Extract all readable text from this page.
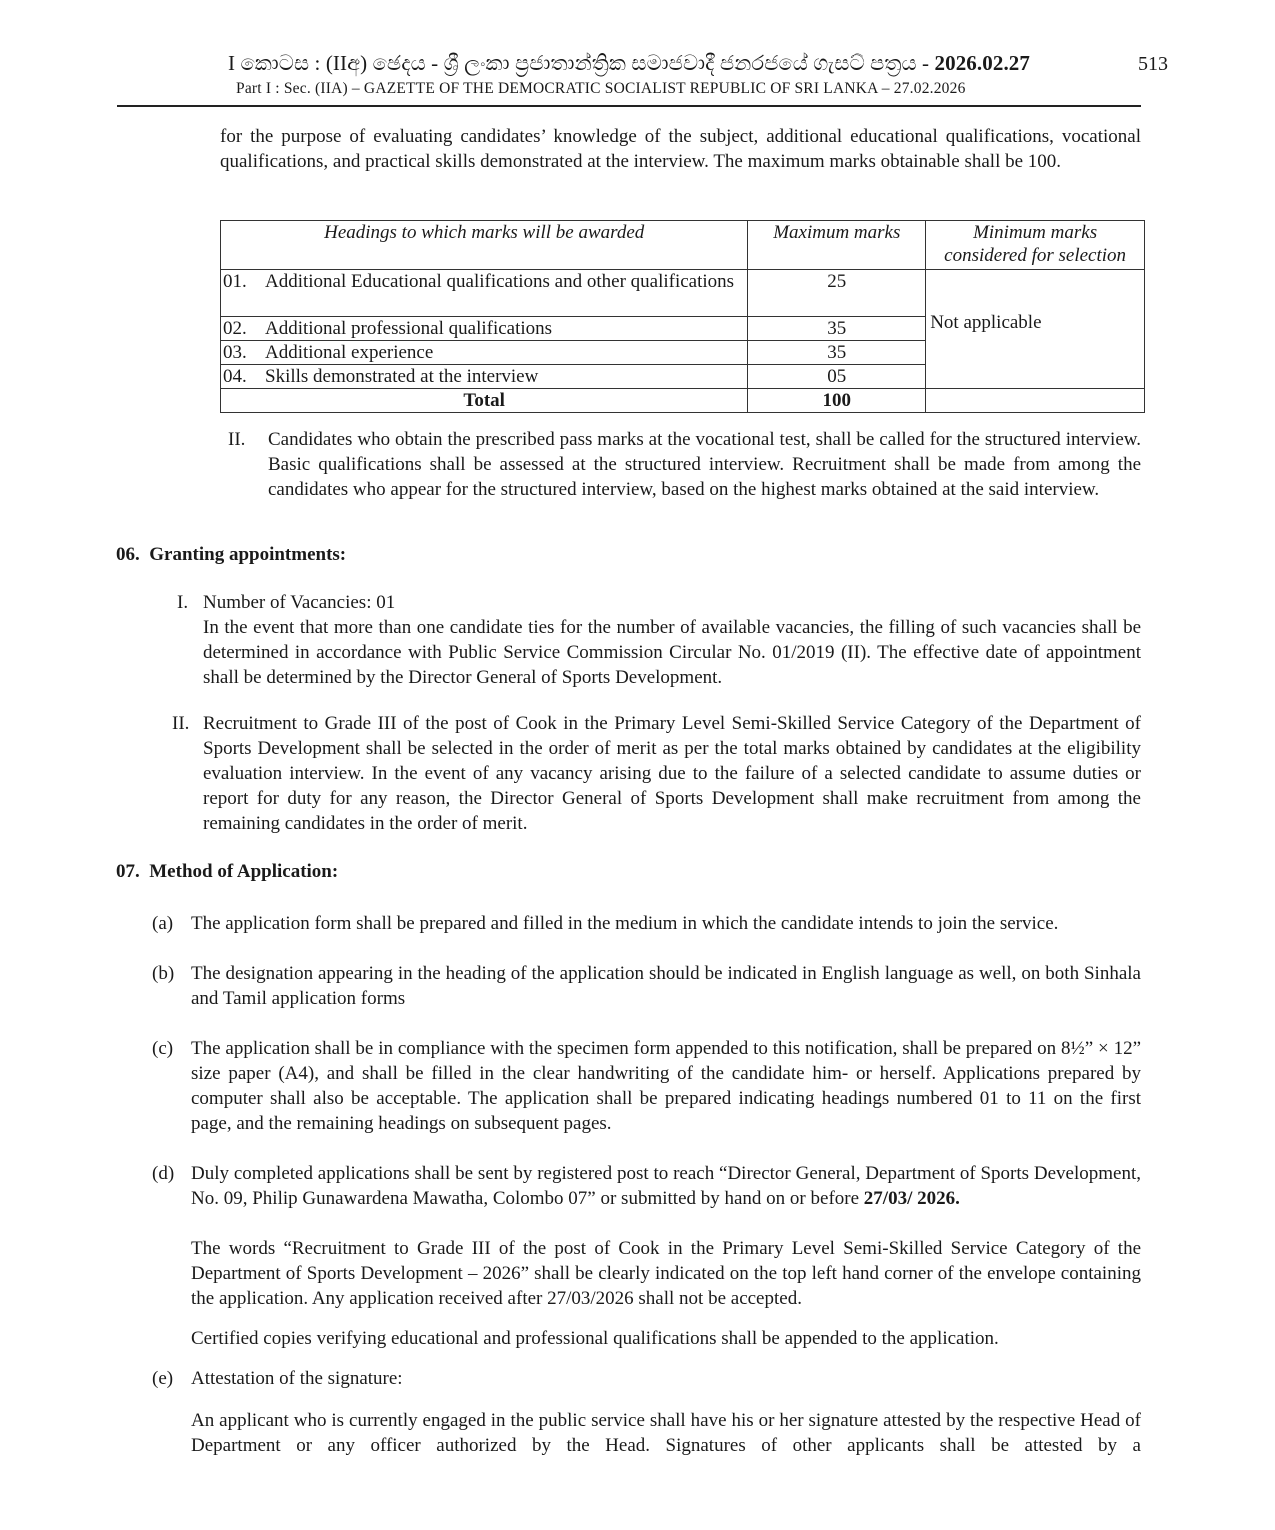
I කොටස : (IIඅ) ඡෙදය - ශ්‍රී ලංකා ප්‍රජාතාන්ත්‍රික සමාජවාදී ජනරජයේ ගැසට් පත්‍රය - 2026.02.27
Part I : Sec. (IIA) – GAZETTE OF THE DEMOCRATIC SOCIALIST REPUBLIC OF SRI LANKA – 27.02.2026
513
for the purpose of evaluating candidates’ knowledge of the subject, additional educational qualifications, vocational qualifications, and practical skills demonstrated at the interview. The maximum marks obtainable shall be 100.
Headings to which marks will be awarded	Maximum marks	Minimum marks considered for selection

01. Additional Educational qualifications and other qualifications	25	Not applicable

02. Additional professional qualifications	35	

03. Additional experience	35	

04. Skills demonstrated at the interview	05	
Total	100	
II. Candidates who obtain the prescribed pass marks at the vocational test, shall be called for the structured interview. Basic qualifications shall be assessed at the structured interview. Recruitment shall be made from among the candidates who appear for the structured interview, based on the highest marks obtained at the said interview.
06. Granting appointments:
I. Number of Vacancies: 01
In the event that more than one candidate ties for the number of available vacancies, the filling of such vacancies shall be determined in accordance with Public Service Commission Circular No. 01/2019 (II). The effective date of appointment shall be determined by the Director General of Sports Development.
II. Recruitment to Grade III of the post of Cook in the Primary Level Semi-Skilled Service Category of the Department of Sports Development shall be selected in the order of merit as per the total marks obtained by candidates at the eligibility evaluation interview. In the event of any vacancy arising due to the failure of a selected candidate to assume duties or report for duty for any reason, the Director General of Sports Development shall make recruitment from among the remaining candidates in the order of merit.
07. Method of Application:
(a) The application form shall be prepared and filled in the medium in which the candidate intends to join the service.
(b) The designation appearing in the heading of the application should be indicated in English language as well, on both Sinhala and Tamil application forms
(c) The application shall be in compliance with the specimen form appended to this notification, shall be prepared on 8½” × 12” size paper (A4), and shall be filled in the clear handwriting of the candidate him- or herself. Applications prepared by computer shall also be acceptable. The application shall be prepared indicating headings numbered 01 to 11 on the first page, and the remaining headings on subsequent pages.
(d) Duly completed applications shall be sent by registered post to reach “Director General, Department of Sports Development, No. 09, Philip Gunawardena Mawatha, Colombo 07” or submitted by hand on or before 27/03/ 2026.
The words “Recruitment to Grade III of the post of Cook in the Primary Level Semi-Skilled Service Category of the Department of Sports Development – 2026” shall be clearly indicated on the top left hand corner of the envelope containing the application. Any application received after 27/03/2026 shall not be accepted.
Certified copies verifying educational and professional qualifications shall be appended to the application.
(e) Attestation of the signature:
An applicant who is currently engaged in the public service shall have his or her signature attested by the respective Head of Department or any officer authorized by the Head. Signatures of other applicants shall be attested by a
